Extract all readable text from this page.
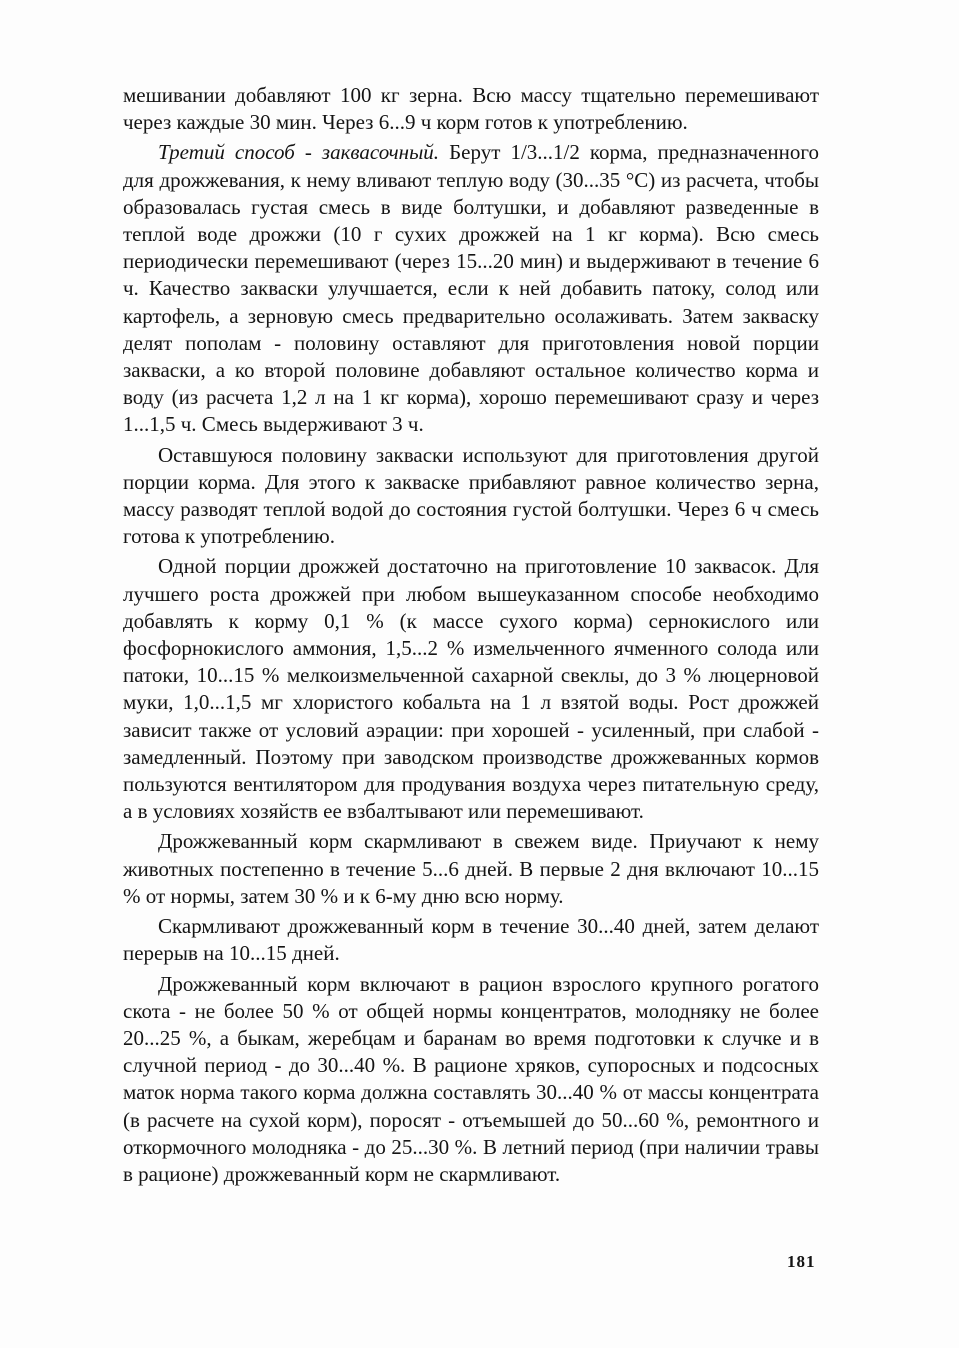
мешивании добавляют 100 кг зерна. Всю массу тщательно перемешивают через каждые 30 мин. Через 6...9 ч корм готов к употреблению.

Третий способ - заквасочный. Берут 1/3...1/2 корма, предназначенного для дрожжевания, к нему вливают теплую воду (30...35 °С) из расчета, чтобы образовалась густая смесь в виде болтушки, и добавляют разведенные в теплой воде дрожжи (10 г сухих дрожжей на 1 кг корма). Всю смесь периодически перемешивают (через 15...20 мин) и выдерживают в течение 6 ч. Качество закваски улучшается, если к ней добавить патоку, солод или картофель, а зерновую смесь предварительно осолаживать. Затем закваску делят пополам - половину оставляют для приготовления новой порции закваски, а ко второй половине добавляют остальное количество корма и воду (из расчета 1,2 л на 1 кг корма), хорошо перемешивают сразу и через 1...1,5 ч. Смесь выдерживают 3 ч.

Оставшуюся половину закваски используют для приготовления другой порции корма. Для этого к закваске прибавляют равное количество зерна, массу разводят теплой водой до состояния густой болтушки. Через 6 ч смесь готова к употреблению.

Одной порции дрожжей достаточно на приготовление 10 заквасок. Для лучшего роста дрожжей при любом вышеуказанном способе необходимо добавлять к корму 0,1 % (к массе сухого корма) сернокислого или фосфорнокислого аммония, 1,5...2 % измельченного ячменного солода или патоки, 10...15 % мелкоизмельченной сахарной свеклы, до 3 % люцерновой муки, 1,0...1,5 мг хлористого кобальта на 1 л взятой воды. Рост дрожжей зависит также от условий аэрации: при хорошей - усиленный, при слабой - замедленный. Поэтому при заводском производстве дрожжеванных кормов пользуются вентилятором для продувания воздуха через питательную среду, а в условиях хозяйств ее взбалтывают или перемешивают.

Дрожжеванный корм скармливают в свежем виде. Приучают к нему животных постепенно в течение 5...6 дней. В первые 2 дня включают 10...15 % от нормы, затем 30 % и к 6-му дню всю норму.

Скармливают дрожжеванный корм в течение 30...40 дней, затем делают перерыв на 10...15 дней.

Дрожжеванный корм включают в рацион взрослого крупного рогатого скота - не более 50 % от общей нормы концентратов, молодняку не более 20...25 %, а быкам, жеребцам и баранам во время подготовки к случке и в случной период - до 30...40 %. В рационе хряков, супоросных и подсосных маток норма такого корма должна составлять 30...40 % от массы концентрата (в расчете на сухой корм), поросят - отъемышей до 50...60 %, ремонтного и откормочного молодняка - до 25...30 %. В летний период (при наличии травы в рационе) дрожжеванный корм не скармливают.

181
